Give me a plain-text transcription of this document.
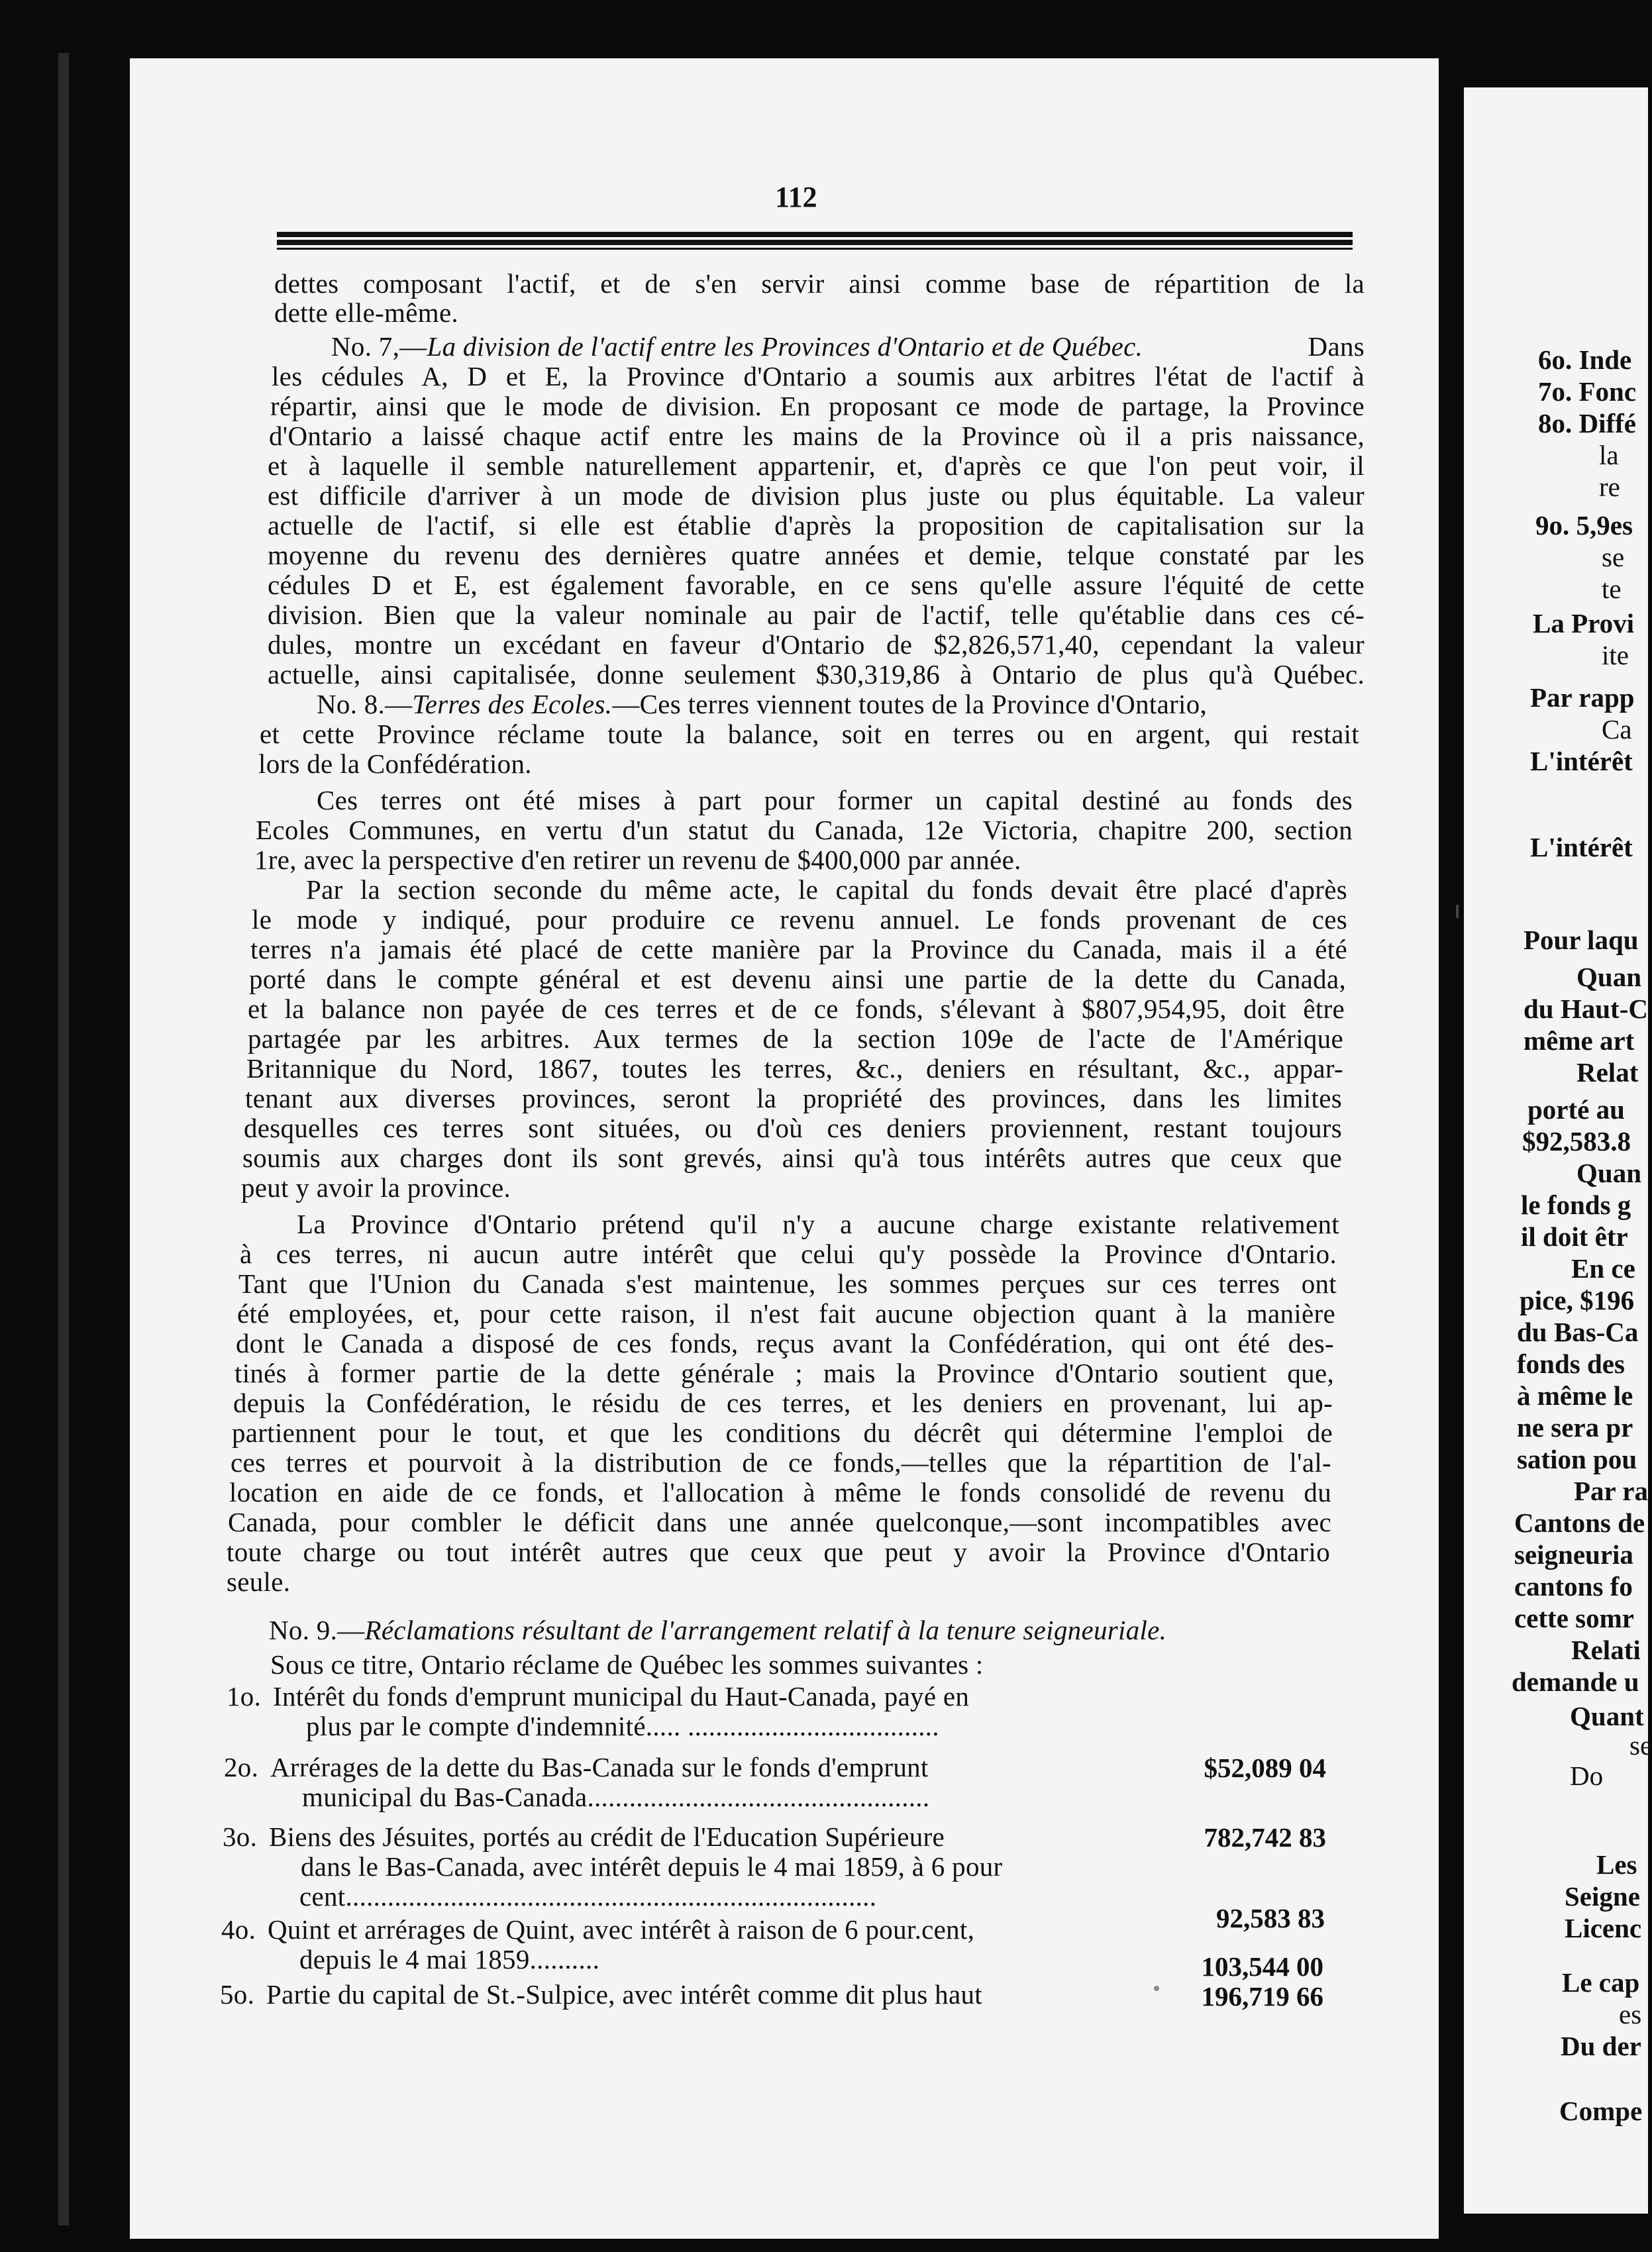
112
dettes composant l'actif, et de s'en servir ainsi comme base de répartition de la
dette elle-même.
No. 7,—La division de l'actif entre les Provinces d'Ontario et de Québec.	Dans
les cédules A, D et E, la Province d'Ontario a soumis aux arbitres l'état de l'actif à
répartir, ainsi que le mode de division. En proposant ce mode de partage, la Province
d'Ontario a laissé chaque actif entre les mains de la Province où il a pris naissance,
et à laquelle il semble naturellement appartenir, et, d'après ce que l'on peut voir, il
est difficile d'arriver à un mode de division plus juste ou plus équitable. La valeur
actuelle de l'actif, si elle est établie d'après la proposition de capitalisation sur la
moyenne du revenu des dernières quatre années et demie, telque constaté par les
cédules D et E, est également favorable, en ce sens qu'elle assure l'équité de cette
division. Bien que la valeur nominale au pair de l'actif, telle qu'établie dans ces cé-
dules, montre un excédant en faveur d'Ontario de $2,826,571,40, cependant la valeur
actuelle, ainsi capitalisée, donne seulement $30,319,86 à Ontario de plus qu'à Québec.
No. 8.— Terres des Ecoles. —Ces terres viennent toutes de la Province d'Ontario,
et cette Province réclame toute la balance, soit en terres ou en argent, qui restait
lors de la Confédération.
Ces terres ont été mises à part pour former un capital destiné au fonds des
Ecoles Communes, en vertu d'un statut du Canada, 12e Victoria, chapitre 200, section
1re, avec la perspective d'en retirer un revenu de $400,000 par année.
Par la section seconde du même acte, le capital du fonds devait être placé d'après
le mode y indiqué, pour produire ce revenu annuel. Le fonds provenant de ces
terres n'a jamais été placé de cette manière par la Province du Canada, mais il a été
porté dans le compte général et est devenu ainsi une partie de la dette du Canada,
et la balance non payée de ces terres et de ce fonds, s'élevant à $807,954,95, doit être
partagée par les arbitres. Aux termes de la section 109e de l'acte de l'Amérique
Britannique du Nord, 1867, toutes les terres, &c., deniers en résultant, &c., appar-
tenant aux diverses provinces, seront la propriété des provinces, dans les limites
desquelles ces terres sont situées, ou d'où ces deniers proviennent, restant toujours
soumis aux charges dont ils sont grevés, ainsi qu'à tous intérêts autres que ceux que
peut y avoir la province.
La Province d'Ontario prétend qu'il n'y a aucune charge existante relativement
à ces terres, ni aucun autre intérêt que celui qu'y possède la Province d'Ontario.
Tant que l'Union du Canada s'est maintenue, les sommes perçues sur ces terres ont
été employées, et, pour cette raison, il n'est fait aucune objection quant à la manière
dont le Canada a disposé de ces fonds, reçus avant la Confédération, qui ont été des-
tinés à former partie de la dette générale ; mais la Province d'Ontario soutient que,
depuis la Confédération, le résidu de ces terres, et les deniers en provenant, lui ap-
partiennent pour le tout, et que les conditions du décrêt qui détermine l'emploi de
ces terres et pourvoit à la distribution de ce fonds,—telles que la répartition de l'al-
location en aide de ce fonds, et l'allocation à même le fonds consolidé de revenu du
Canada, pour combler le déficit dans une année quelconque,—sont incompatibles avec
toute charge ou tout intérêt autres que ceux que peut y avoir la Province d'Ontario
seule.
No. 9.—Réclamations résultant de l'arrangement relatif à la tenure seigneuriale.
Sous ce titre, Ontario réclame de Québec les sommes suivantes :
1o. Intérêt du fonds d'emprunt municipal du Haut-Canada, payé en
plus par le compte d'indemnité..... ....................................
$52,089 04
2o. Arrérages de la dette du Bas-Canada sur le fonds d'emprunt
municipal du Bas-Canada.................................................
782,742 83
3o. Biens des Jésuites, portés au crédit de l'Education Supérieure
dans le Bas-Canada, avec intérêt depuis le 4 mai 1859, à 6 pour
cent............................................................................
4o. Quint et arrérages de Quint, avec intérêt à raison de 6 pour.cent,
depuis le 4 mai 1859..........
92,583 83
5o. Partie du capital de St.-Sulpice, avec intérêt comme dit plus haut
103,544 00
196,719 66
6o. Inde
7o. Fonc
8o. Diffé
la
re
9o. 5,9es
se
te
La Provi
ite
Par rapp
Ca
L'intérêt
L'intérêt
Pour laqu
Quan
du Haut-C
même art
Relat
porté au
$92,583.8
Quan
le fonds g
il doit êtr
En ce
pice, $196
du Bas-Ca
fonds des
à même le
ne sera pr
sation pou
Par ra
Cantons de
seigneuria
cantons fo
cette somr
Relati
demande u
Quant
se
Do
Les
Seigne
Licenc
Le cap
es
Du der
Compe
